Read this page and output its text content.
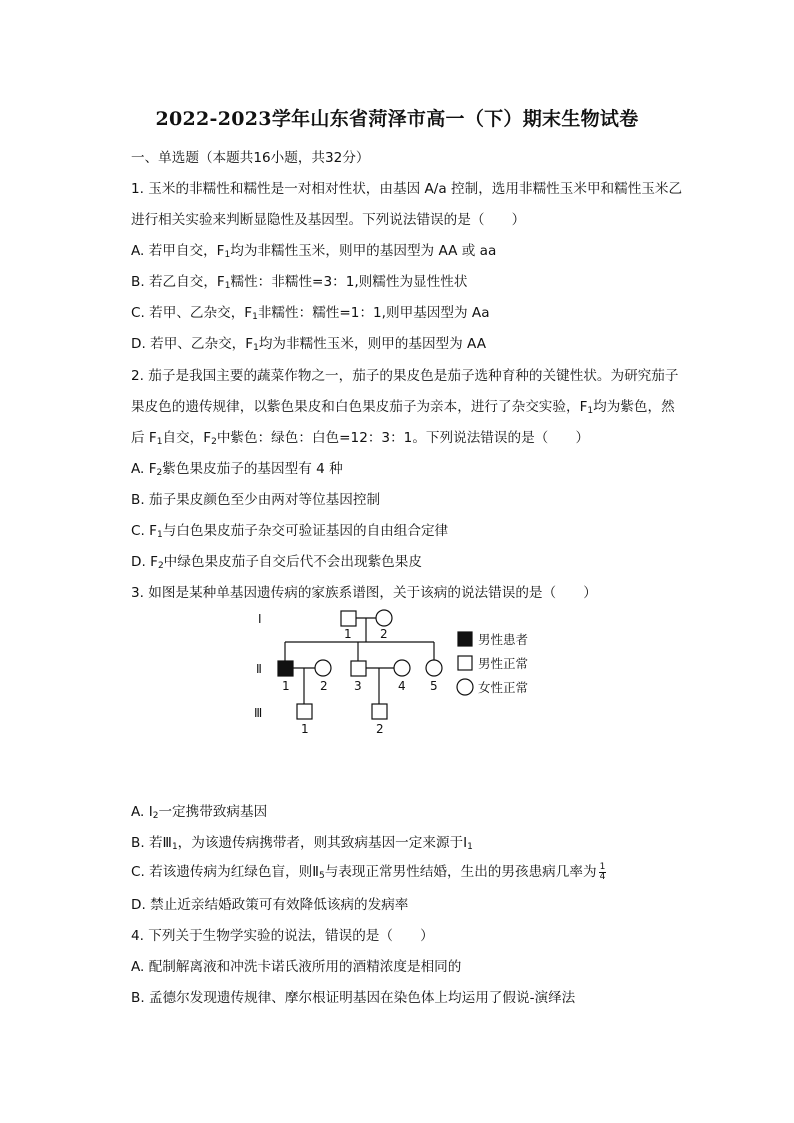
2022-2023学年山东省菏泽市高一（下）期末生物试卷
一、单选题（本题共16小题，共32分）
1. 玉米的非糯性和糯性是一对相对性状，由基因 A/a 控制，选用非糯性玉米甲和糯性玉米乙
进行相关实验来判断显隐性及基因型。下列说法错误的是（　　）
A. 若甲自交，$F_1$均为非糯性玉米，则甲的基因型为 AA 或 aa
B. 若乙自交，$F_1$糯性：非糯性=3：1,则糯性为显性性状
C. 若甲、乙杂交，$F_1$非糯性：糯性=1：1,则甲基因型为 Aa
D. 若甲、乙杂交，$F_1$均为非糯性玉米，则甲的基因型为 AA
2. 茄子是我国主要的蔬菜作物之一，茄子的果皮色是茄子选种育种的关键性状。为研究茄子
果皮色的遗传规律，以紫色果皮和白色果皮茄子为亲本，进行了杂交实验，$F_1$均为紫色，然
后 $F_1$自交，$F_2$中紫色：绿色：白色=12：3：1。下列说法错误的是（　　）
A. $F_2$紫色果皮茄子的基因型有 4 种
B. 茄子果皮颜色至少由两对等位基因控制
C. $F_1$与白色果皮茄子杂交可验证基因的自由组合定律
D. $F_2$中绿色果皮茄子自交后代不会出现紫色果皮
3. 如图是某种单基因遗传病的家族系谱图，关于该病的说法错误的是（　　）
Ⅰ
Ⅱ
Ⅲ
1 2
1	2 3	4 5
1	2
男性患者
男性正常
女性正常
A. $Ⅰ_2$一定携带致病基因
B. 若$Ⅲ_1$，为该遗传病携带者，则其致病基因一定来源于$Ⅰ_1$
C. 若该遗传病为红绿色盲，则$Ⅱ_5$与表现正常男性结婚，生出的男孩患病几率为 $\frac{1}{4}$
D. 禁止近亲结婚政策可有效降低该病的发病率
4. 下列关于生物学实验的说法，错误的是（　　）
A. 配制解离液和冲洗卡诺氏液所用的酒精浓度是相同的
B. 孟德尔发现遗传规律、摩尔根证明基因在染色体上均运用了假说-演绎法
